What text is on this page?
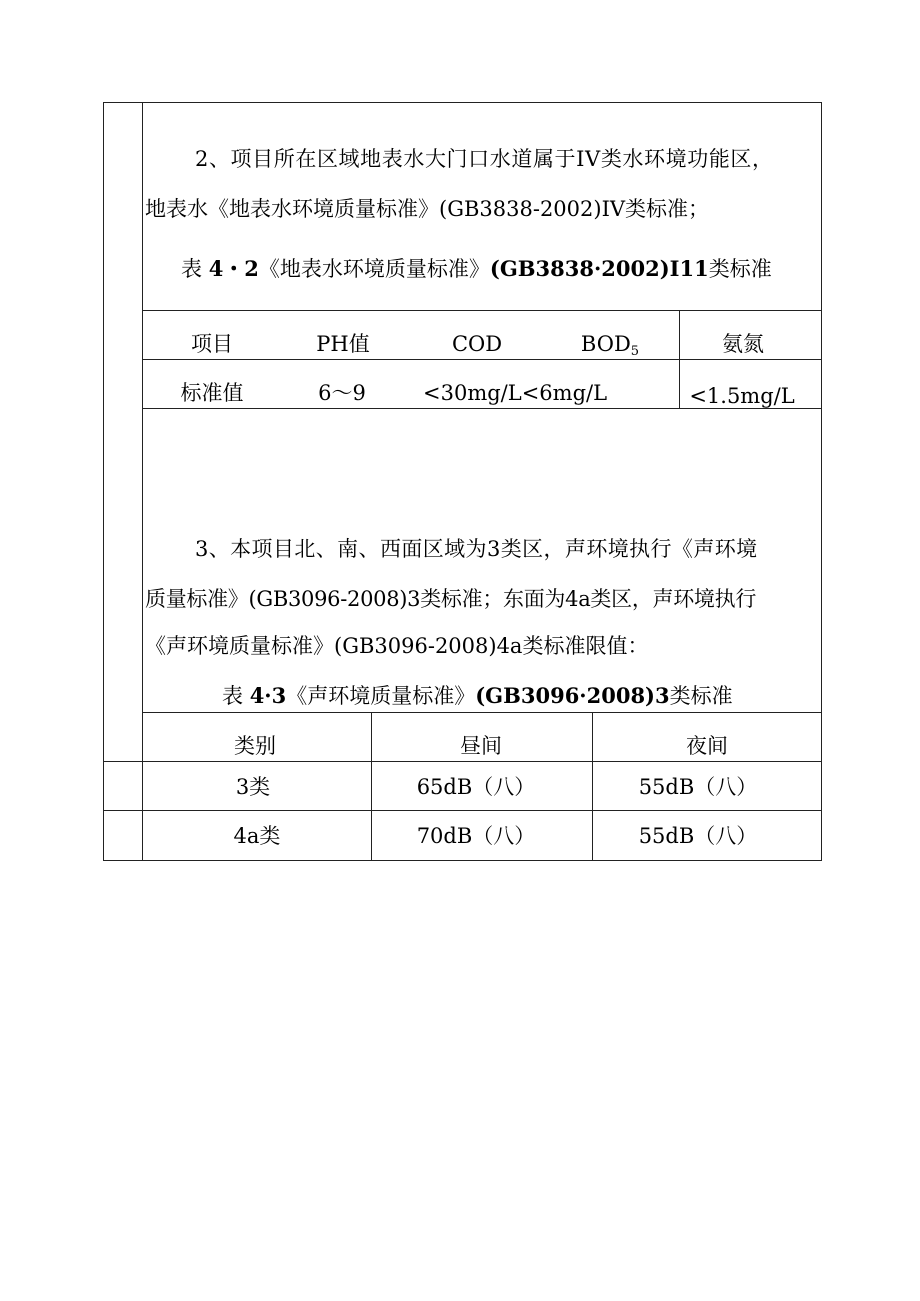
2、项目所在区域地表水大门口水道属于IV类水环境功能区，
地表水《地表水环境质量标准》(GB3838-2002)IV类标准；
表 4・2《地表水环境质量标准》(GB3838·2002)I11类标准
项目	PH值	COD	$BOD_5$	氨氮
标准值	6～9	<30mg/L<6mg/L	<1.5mg/L
3、本项目北、南、西面区域为3类区，声环境执行《声环境
质量标准》(GB3096-2008)3类标准；东面为4a类区，声环境执行
《声环境质量标准》(GB3096-2008)4a类标准限值：
表 4·3《声环境质量标准》(GB3096·2008)3类标准
类别	昼间	夜间
3类	65dB（八）	55dB（八）
4a类	70dB（八）	55dB（八）
